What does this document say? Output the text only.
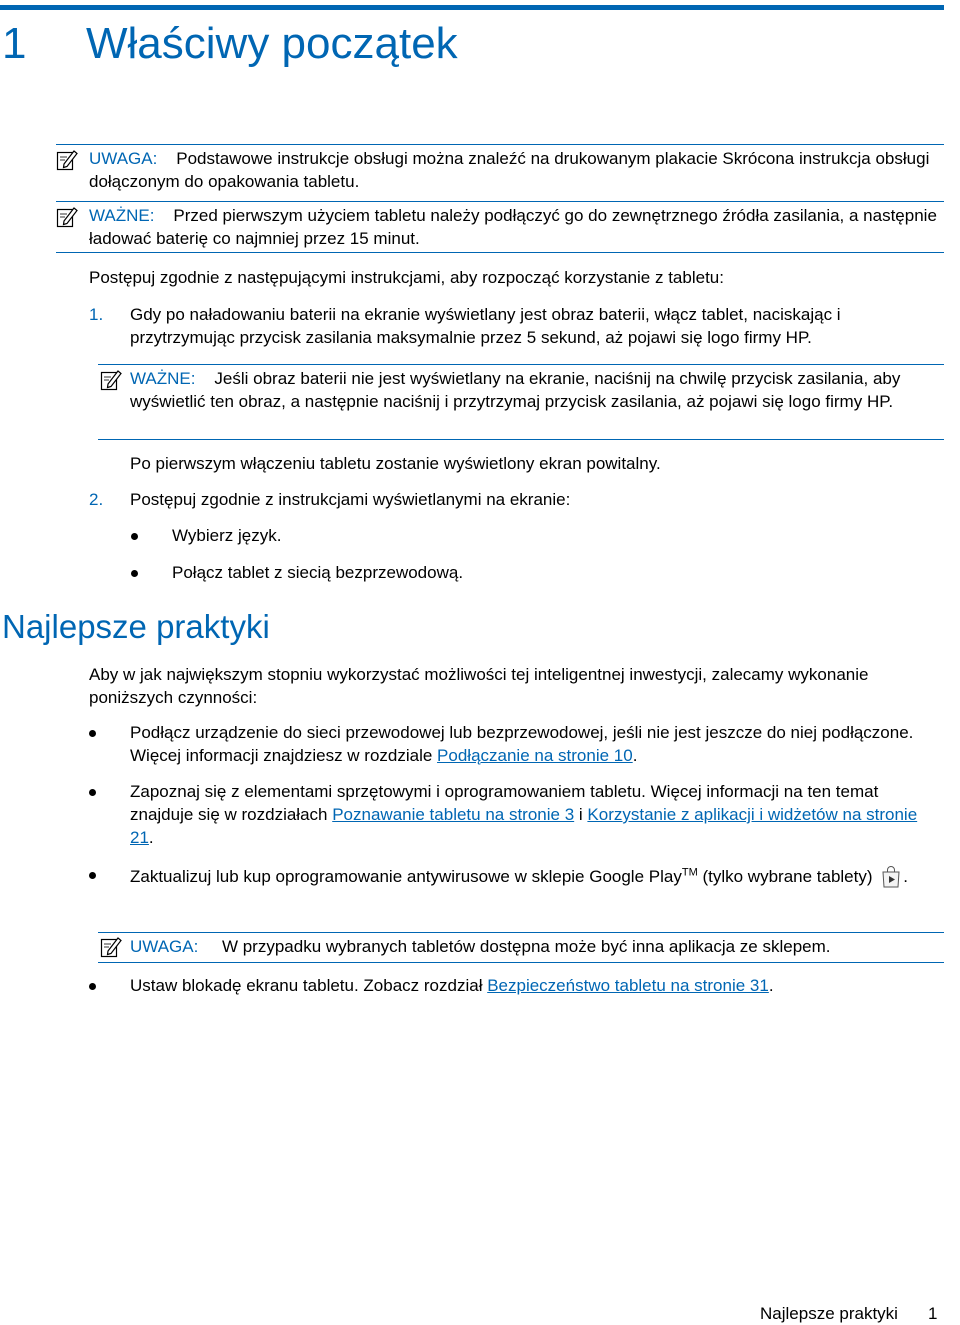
1 Właściwy początek
UWAGA: Podstawowe instrukcje obsługi można znaleźć na drukowanym plakacie Skrócona instrukcja obsługi dołączonym do opakowania tabletu.
WAŻNE: Przed pierwszym użyciem tabletu należy podłączyć go do zewnętrznego źródła zasilania, a następnie ładować baterię co najmniej przez 15 minut.

Postępuj zgodnie z następującymi instrukcjami, aby rozpocząć korzystanie z tabletu:

1. Gdy po naładowaniu baterii na ekranie wyświetlany jest obraz baterii, włącz tablet, naciskając i przytrzymując przycisk zasilania maksymalnie przez 5 sekund, aż pojawi się logo firmy HP.

WAŻNE: Jeśli obraz baterii nie jest wyświetlany na ekranie, naciśnij na chwilę przycisk zasilania, aby wyświetlić ten obraz, a następnie naciśnij i przytrzymaj przycisk zasilania, aż pojawi się logo firmy HP.

Po pierwszym włączeniu tabletu zostanie wyświetlony ekran powitalny.

2. Postępuj zgodnie z instrukcjami wyświetlanymi na ekranie:

Wybierz język.

Połącz tablet z siecią bezprzewodową.

Najlepsze praktyki

Aby w jak największym stopniu wykorzystać możliwości tej inteligentnej inwestycji, zalecamy wykonanie poniższych czynności:

Podłącz urządzenie do sieci przewodowej lub bezprzewodowej, jeśli nie jest jeszcze do niej podłączone. Więcej informacji znajdziesz w rozdziale Podłączanie na stronie 10.

Zapoznaj się z elementami sprzętowymi i oprogramowaniem tabletu. Więcej informacji na ten temat znajduje się w rozdziałach Poznawanie tabletu na stronie 3 i Korzystanie z aplikacji i widżetów na stronie 21.

Zaktualizuj lub kup oprogramowanie antywirusowe w sklepie Google Play™ (tylko wybrane tablety) .

UWAGA: W przypadku wybranych tabletów dostępna może być inna aplikacja ze sklepem.

Ustaw blokadę ekranu tabletu. Zobacz rozdział Bezpieczeństwo tabletu na stronie 31.

Najlepsze praktyki 1
